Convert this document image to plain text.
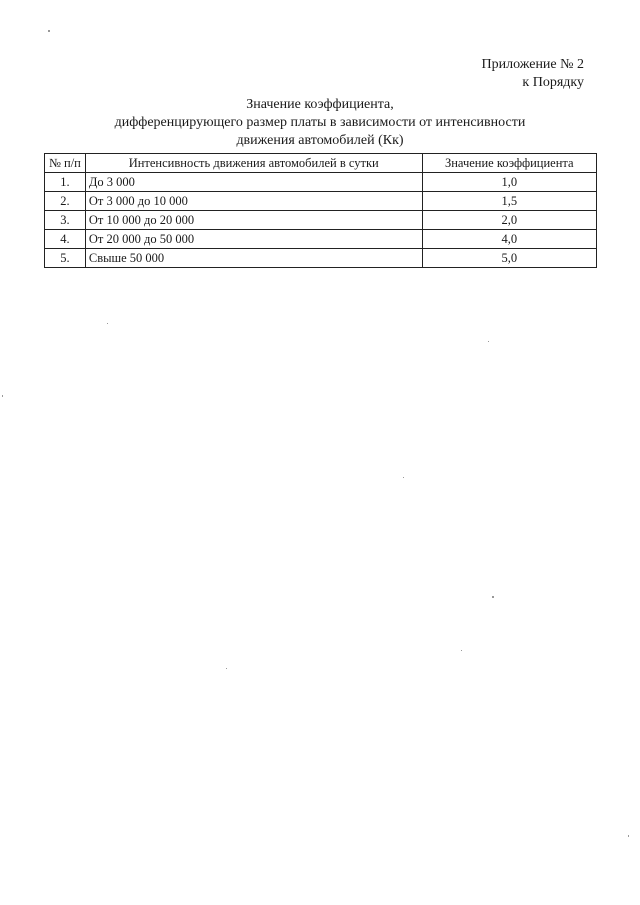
Приложение № 2
к Порядку
Значение коэффициента,
дифференцирующего размер платы в зависимости от интенсивности
движения автомобилей (Кк)
№ п/п	Интенсивность движения автомобилей в сутки	Значение коэффициента
1.	До 3 000	1,0
2.	От 3 000 до 10 000	1,5
3.	От 10 000 до 20 000	2,0
4.	От 20 000 до 50 000	4,0
5.	Свыше 50 000	5,0
